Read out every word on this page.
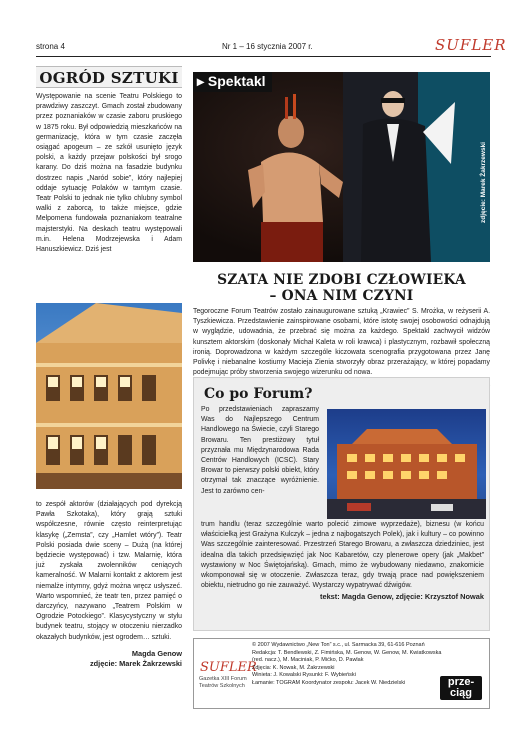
strona 4	Nr 1 – 16 stycznia 2007 r.	SUFLER
OGRÓD SZTUKI
Występowanie na scenie Teatru Polskiego to prawdziwy zaszczyt. Gmach został zbudowany przez poznaniaków w czasie zaboru pruskiego w 1875 roku. Był odpowiedzią mieszkańców na germanizację, która w tym czasie zaczęła osiągać apogeum – ze szkół usunięto język polski, a każdy przejaw polskości był srogo karany. Do dziś można na fasadzie budynku dostrzec napis „Naród sobie”, który najlepiej oddaje sytuację Polaków w tamtym czasie. Teatr Polski to jednak nie tylko chlubny symbol walki z zaborcą, to także miejsce, gdzie Melpomena fundowała poznaniakom teatralne majsterstyki. Na deskach teatru występowali m.in. Helena Modrzejewska i Adam Hanuszkiewicz. Dziś jest
to zespół aktorów (działających pod dyrekcją Pawła Szkotaka), który grają sztuki współczesne, równie często reinterpretując klasykę („Zemsta”, czy „Hamlet wtóry”). Teatr Polski posiada dwie sceny – Dużą (na której będziecie występować) i tzw. Malarnię, która już zyskała zwolenników ceniących kameralność. W Malarni kontakt z aktorem jest niemalże intymny, gdyż można wręcz usłyszeć. Warto wspomnieć, że teatr ten, przez pamięć o darczyńcy, nazywano „Teatrem Polskim w Ogrodzie Potockiego”. Klasycystyczny w stylu budynek teatru, stojący w otoczeniu nierzadko okazałych budynków, jest ogrodem… sztuki.
Magda Genow
zdjęcie: Marek Żakrzewski
▸ Spektakl
zdjęcie: Marek Żakrzewski
SZATA NIE ZDOBI CZŁOWIEKA
– ONA NIM CZYNI
Tegoroczne Forum Teatrów zostało zainaugurowane sztuką „Krawiec” S. Mrożka, w reżyserii A. Tyszkiewicza. Przedstawienie zainspirowane osobami, które istotę swojej osobowości odnajdują w wyglądzie, udowadnia, że przebrać się można za każdego. Spektakl zachwycił widzów kunsztem aktorskim (doskonały Michał Kaleta w roli krawca) i plastycznym, rozbawił społeczną ironią. Doprowadzona w każdym szczególe kiczowata scenografia przygotowana przez Janę Polivkę i niebanalne kostiumy Macieja Zienia stworzyły obraz przerażający, w której popadamy podejmując próby stworzenia swojego wizerunku od nowa.
Co po Forum?
Po przedstawieniach zapraszamy Was do Najlepszego Centrum Handlowego na Świecie, czyli Starego Browaru. Ten prestiżowy tytuł przyznała mu Międzynarodowa Rada Centrów Handlowych (ICSC). Stary Browar to pierwszy polski obiekt, który otrzymał tak znaczące wyróżnienie. Jest to zarówno cen-
trum handlu (teraz szczególnie warto polecić zimowe wyprzedaże), biznesu (w końcu właścicielką jest Grażyna Kulczyk – jedna z najbogatszych Polek), jak i kultury – co powinno Was szczególnie zainteresować. Przestrzeń Starego Browaru, a zwłaszcza dziedziniec, jest idealna dla takich przedsięwzięć jak Noc Kabaretów, czy plenerowe opery (jak „Makbet” wystawiony w Noc Świętojańską). Gmach, mimo że wybudowany niedawno, znakomicie wkomponował się w otoczenie. Zwłaszcza teraz, gdy trwają prace nad powiększeniem obiektu, nietrudno go nie zauważyć. Wystarczy wypatrywać dźwigów.
tekst: Magda Genow, zdjęcie: Krzysztof Nowak
SUFLER
Gazetka XIII Forum Teatrów Szkolnych
© 2007 Wydawnictwo „New Ton” s.c., ul. Sarmacka 39, 61-616 Poznań
Redakcja: T. Bendlewski, Z. Fimińska, M. Genow, W. Genow, M. Kwiatkowska (red. nacz.), M. Maciniak, P. Mićko, D. Pawlak
Zdjęcia: K. Nowak, M. Żakrzewski
Winieta: J. Kowalski Rysunki: F. Wybieński
Łamanie: TOGRAM Koordynator zespołu: Jacek W. Niedzielski	prze-ciąg
